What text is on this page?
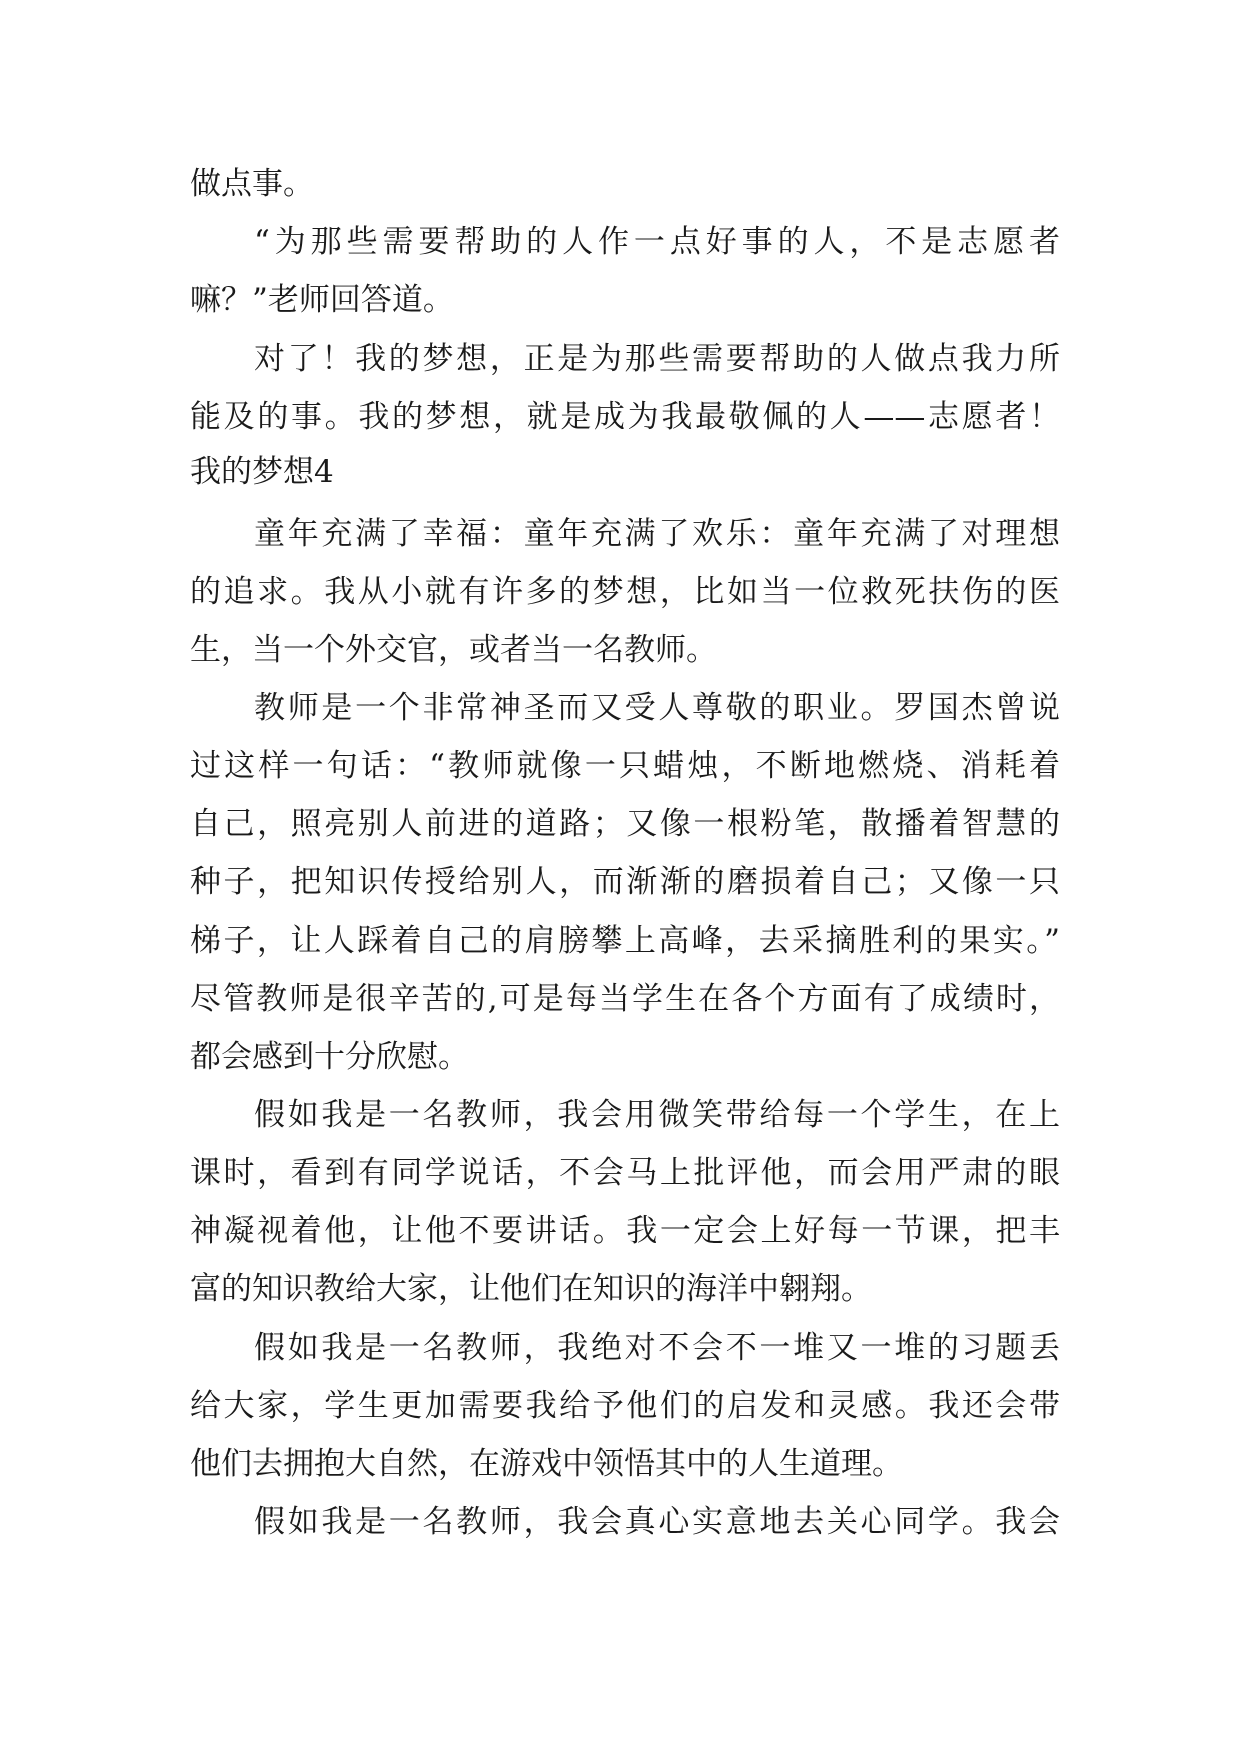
做点事。
“为那些需要帮助的人作一点好事的人，不是志愿者
嘛？”老师回答道。
对了！我的梦想，正是为那些需要帮助的人做点我力所
能及的事。我的梦想，就是成为我最敬佩的人——志愿者！
我的梦想4
童年充满了幸福：童年充满了欢乐：童年充满了对理想
的追求。我从小就有许多的梦想，比如当一位救死扶伤的医
生，当一个外交官，或者当一名教师。
教师是一个非常神圣而又受人尊敬的职业。罗国杰曾说
过这样一句话：“教师就像一只蜡烛，不断地燃烧、消耗着
自己，照亮别人前进的道路；又像一根粉笔，散播着智慧的
种子，把知识传授给别人，而渐渐的磨损着自己；又像一只
梯子，让人踩着自己的肩膀攀上高峰，去采摘胜利的果实。”
尽管教师是很辛苦的,可是每当学生在各个方面有了成绩时，
都会感到十分欣慰。
假如我是一名教师，我会用微笑带给每一个学生，在上
课时，看到有同学说话，不会马上批评他，而会用严肃的眼
神凝视着他，让他不要讲话。我一定会上好每一节课，把丰
富的知识教给大家，让他们在知识的海洋中翱翔。
假如我是一名教师，我绝对不会不一堆又一堆的习题丢
给大家，学生更加需要我给予他们的启发和灵感。我还会带
他们去拥抱大自然，在游戏中领悟其中的人生道理。
假如我是一名教师，我会真心实意地去关心同学。我会
